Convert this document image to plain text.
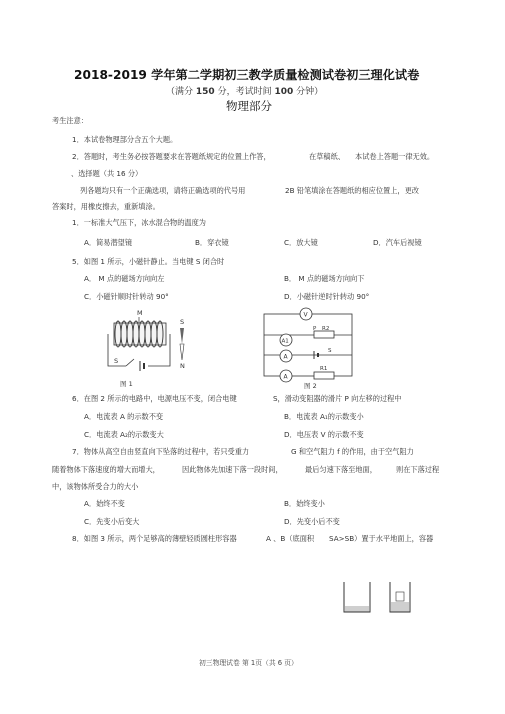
2018-2019 学年第二学期初三教学质量检测试卷初三理化试卷
（满分 150 分，考试时间 100 分钟）
物理部分
考生注意：
1．本试卷物理部分含五个大题。
2．答题时，考生务必按答题要求在答题纸规定的位置上作答，	在草稿纸、 本试卷上答题一律无效。
、选择题（共 16 分）
列各题均只有一个正确选项，请将正确选项的代号用	2B 铅笔填涂在答题纸的相应位置上，更改
答案时，用橡皮擦去，重新填涂。
1．一标准大气压下，冰水混合物的温度为
A．简易潜望镜	B．穿衣镜	C．放大镜	D．汽车后视镜
5．如图 1 所示，小磁针静止。当电键 S 闭合时
A． M 点的磁场方向向左	B． M 点的磁场方向向下
C．小磁针顺时针转动 90°	D．小磁针逆时针转动 90°
M
S
N
S
图 1
V
A1
P R2
A
S
R1
A
图 2
6．在图 2 所示的电路中，电源电压不变，闭合电键	S，滑动变阻器的滑片 P 向左移的过程中
A．电流表 A 的示数不变	B．电流表 A₁的示数变小
C．电流表 A₂的示数变大	D．电压表 V 的示数不变
7．物体从高空自由竖直向下坠落的过程中，若只受重力	G 和空气阻力 f 的作用，由于空气阻力
随着物体下落速度的增大而增大，	因此物体先加速下落一段时间，	最后匀速下落至地面，	则在下落过程
中，该物体所受合力的大小
A．始终不变	B．始终变小
C．先变小后变大	D．先变小后不变
8．如图 3 所示，两个足够高的薄壁轻质圆柱形容器	A 、B（底面积 SA>SB）置于水平地面上，容器
初三物理试卷 第 1页（共 6 页）
